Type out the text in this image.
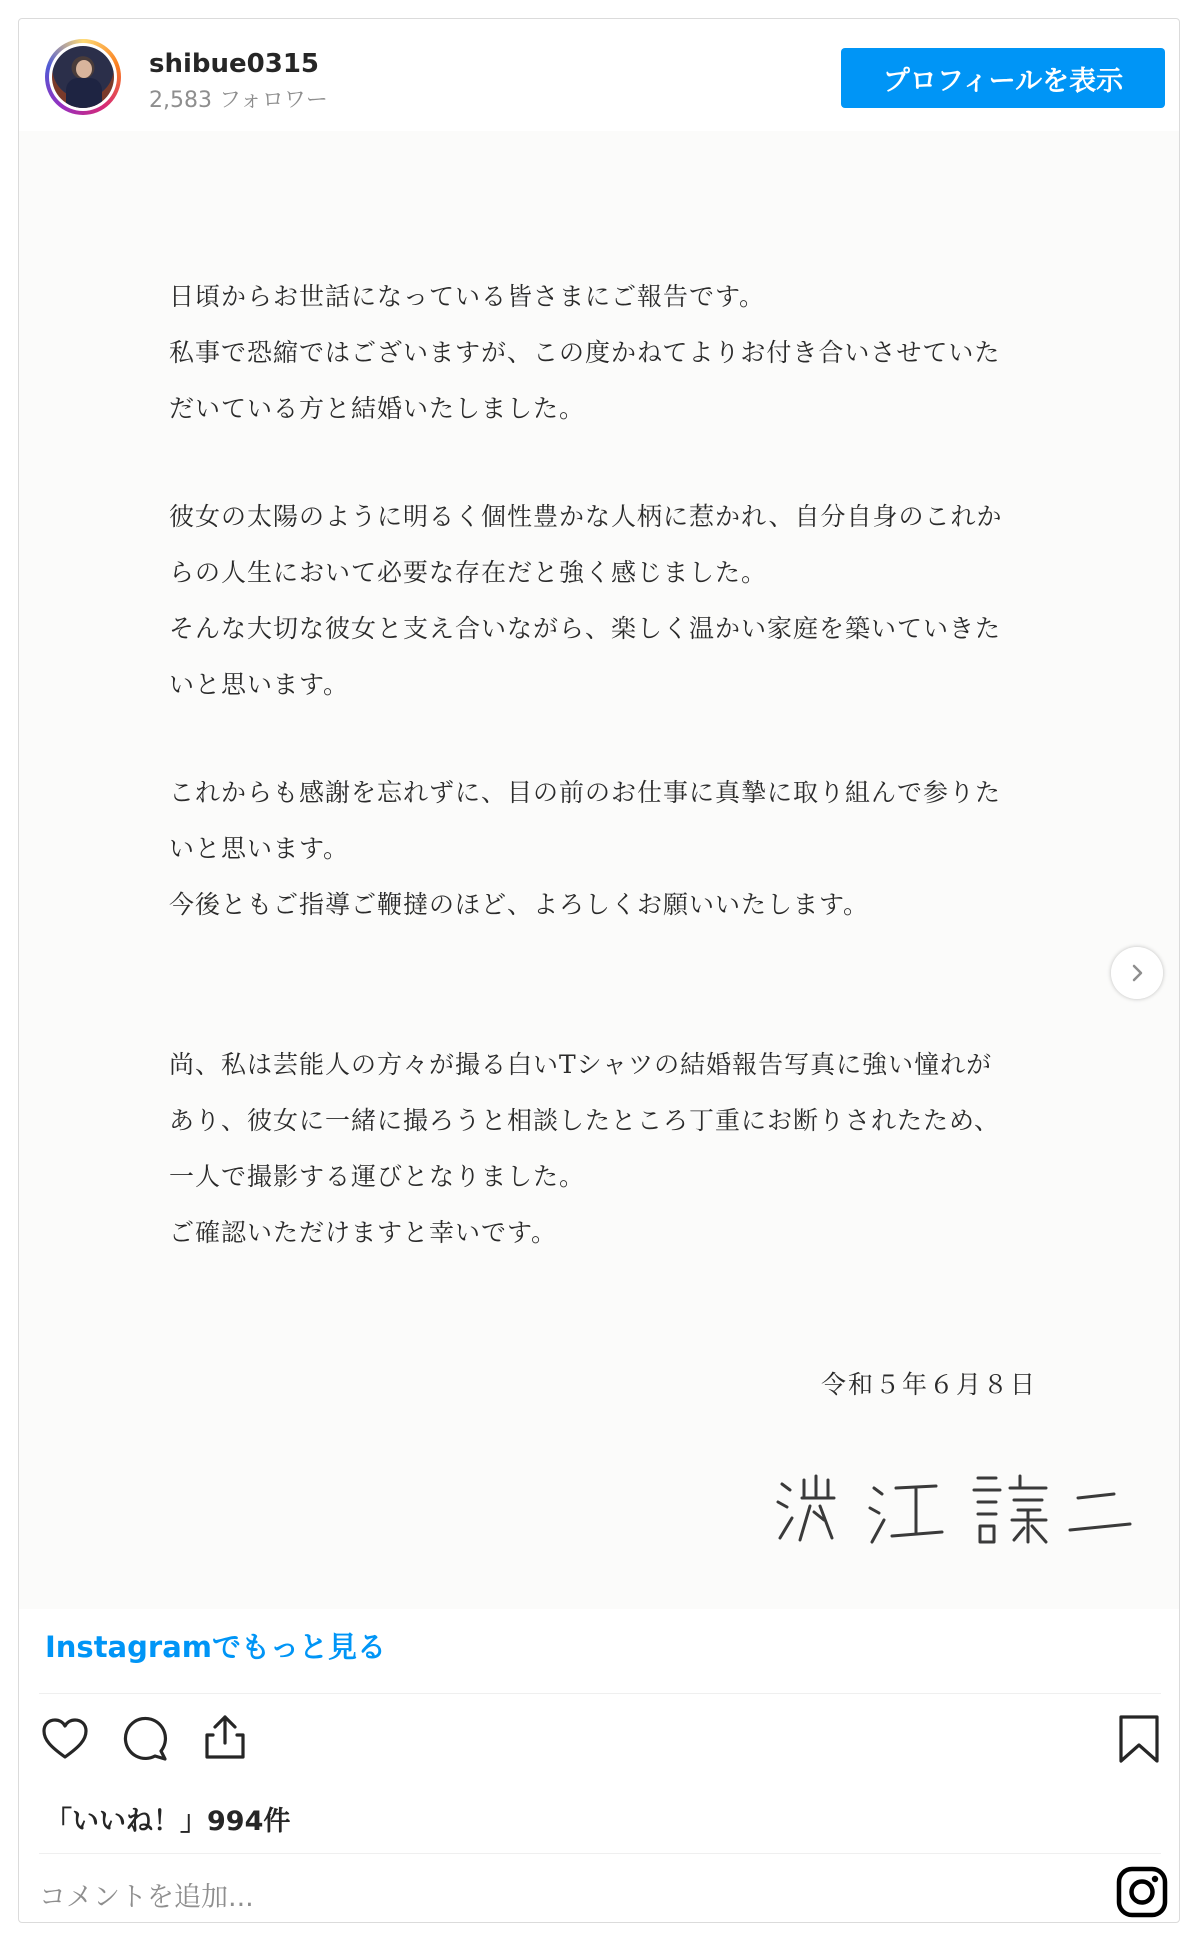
shibue0315
2,583 フォロワー
プロフィールを表示

日頃からお世話になっている皆さまにご報告です。

私事で恐縮ではございますが、この度かねてよりお付き合いさせていた

だいている方と結婚いたしました。

彼女の太陽のように明るく個性豊かな人柄に惹かれ、自分自身のこれか

らの人生において必要な存在だと強く感じました。

そんな大切な彼女と支え合いながら、楽しく温かい家庭を築いていきた

いと思います。

これからも感謝を忘れずに、目の前のお仕事に真摯に取り組んで参りた

いと思います。

今後ともご指導ご鞭撻のほど、よろしくお願いいたします。

尚、私は芸能人の方々が撮る白いTシャツの結婚報告写真に強い憧れが

あり、彼女に一緒に撮ろうと相談したところ丁重にお断りされたため、

一人で撮影する運びとなりました。

ご確認いただけますと幸いです。

令和５年６月８日
Instagramでもっと見る
「いいね！」994件
コメントを追加...
